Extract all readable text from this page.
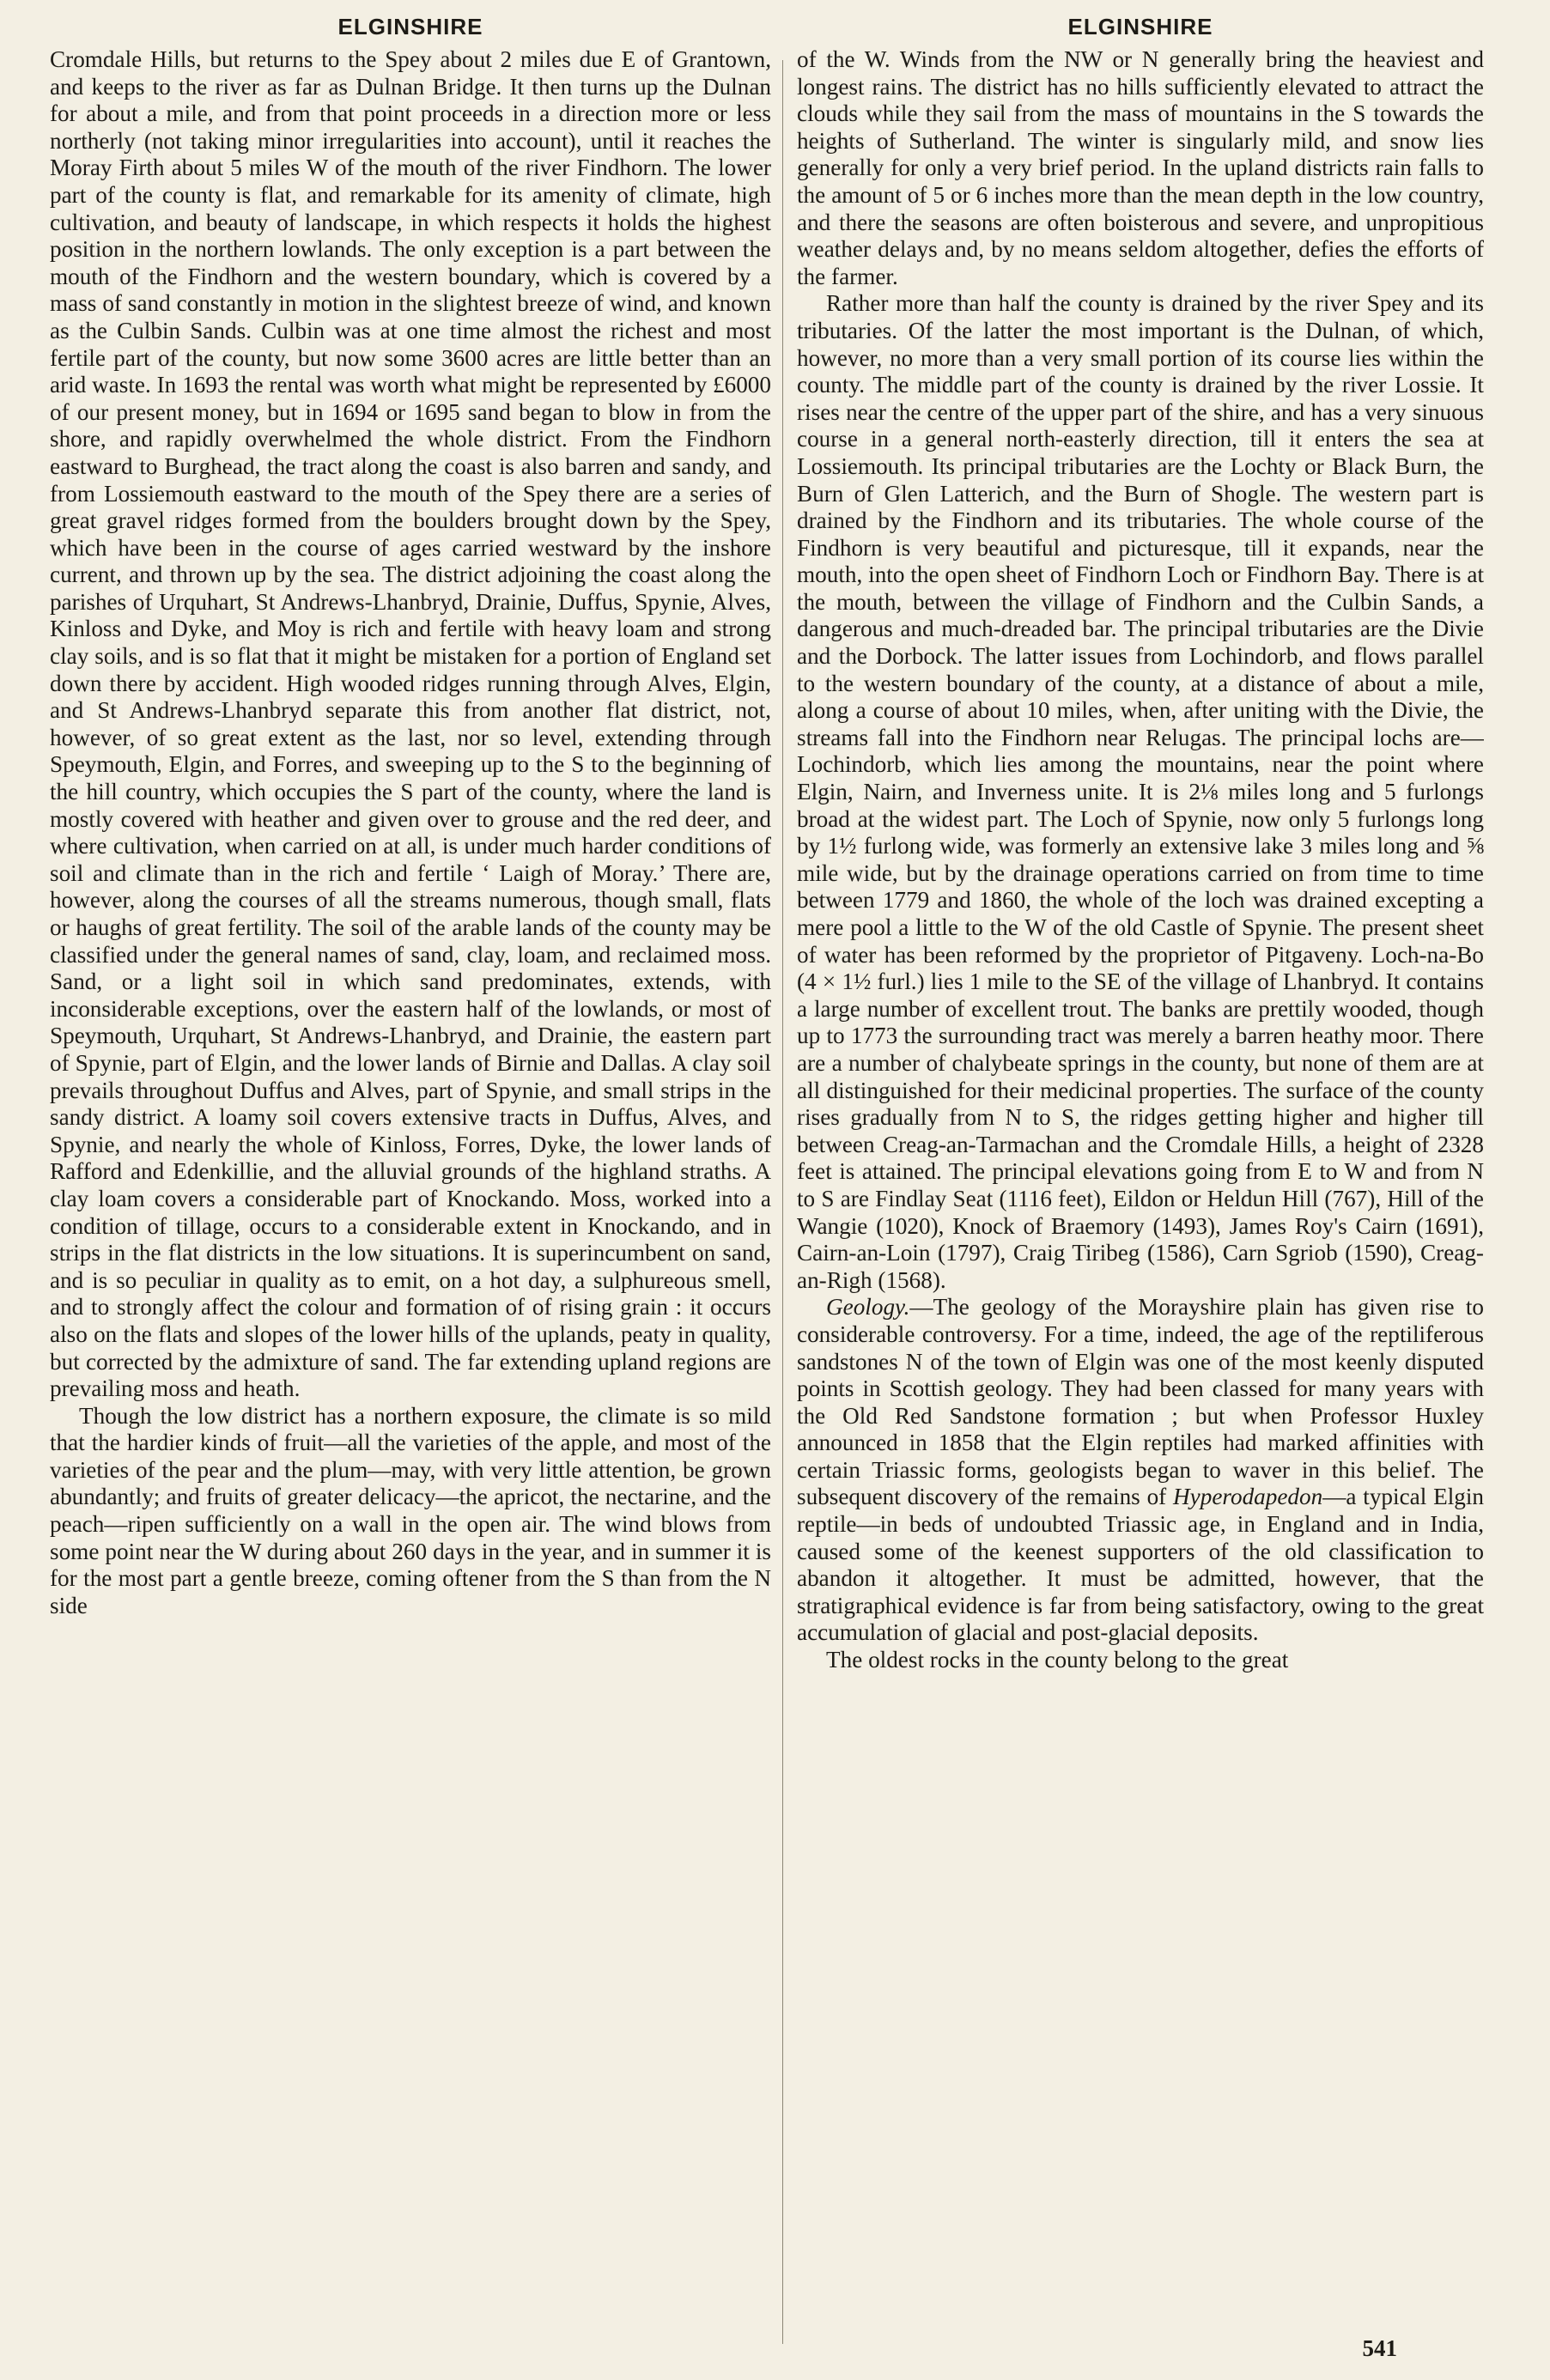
ELGINSHIRE

Cromdale Hills, but returns to the Spey about 2 miles due E of Grantown, and keeps to the river as far as Dulnan Bridge. It then turns up the Dulnan for about a mile, and from that point proceeds in a direction more or less northerly (not taking minor irregularities into account), until it reaches the Moray Firth about 5 miles W of the mouth of the river Findhorn. The lower part of the county is flat, and remarkable for its amenity of climate, high cultivation, and beauty of landscape, in which respects it holds the highest position in the northern lowlands. The only exception is a part between the mouth of the Findhorn and the western boundary, which is covered by a mass of sand constantly in motion in the slightest breeze of wind, and known as the Culbin Sands. Culbin was at one time almost the richest and most fertile part of the county, but now some 3600 acres are little better than an arid waste. In 1693 the rental was worth what might be represented by £6000 of our present money, but in 1694 or 1695 sand began to blow in from the shore, and rapidly overwhelmed the whole district. From the Findhorn eastward to Burghead, the tract along the coast is also barren and sandy, and from Lossiemouth eastward to the mouth of the Spey there are a series of great gravel ridges formed from the boulders brought down by the Spey, which have been in the course of ages carried westward by the inshore current, and thrown up by the sea. The district adjoining the coast along the parishes of Urquhart, St Andrews-Lhanbryd, Drainie, Duffus, Spynie, Alves, Kinloss and Dyke, and Moy is rich and fertile with heavy loam and strong clay soils, and is so flat that it might be mistaken for a portion of England set down there by accident. High wooded ridges running through Alves, Elgin, and St Andrews-Lhanbryd separate this from another flat district, not, however, of so great extent as the last, nor so level, extending through Speymouth, Elgin, and Forres, and sweeping up to the S to the beginning of the hill country, which occupies the S part of the county, where the land is mostly covered with heather and given over to grouse and the red deer, and where cultivation, when carried on at all, is under much harder conditions of soil and climate than in the rich and fertile ‘ Laigh of Moray.’ There are, however, along the courses of all the streams numerous, though small, flats or haughs of great fertility. The soil of the arable lands of the county may be classified under the general names of sand, clay, loam, and reclaimed moss. Sand, or a light soil in which sand predominates, extends, with inconsiderable exceptions, over the eastern half of the lowlands, or most of Speymouth, Urquhart, St Andrews-Lhanbryd, and Drainie, the eastern part of Spynie, part of Elgin, and the lower lands of Birnie and Dallas. A clay soil prevails throughout Duffus and Alves, part of Spynie, and small strips in the sandy district. A loamy soil covers extensive tracts in Duffus, Alves, and Spynie, and nearly the whole of Kinloss, Forres, Dyke, the lower lands of Rafford and Edenkillie, and the alluvial grounds of the highland straths. A clay loam covers a considerable part of Knockando. Moss, worked into a condition of tillage, occurs to a considerable extent in Knockando, and in strips in the flat districts in the low situations. It is superincumbent on sand, and is so peculiar in quality as to emit, on a hot day, a sulphureous smell, and to strongly affect the colour and formation of of rising grain : it occurs also on the flats and slopes of the lower hills of the uplands, peaty in quality, but corrected by the admixture of sand. The far extending upland regions are prevailing moss and heath.

Though the low district has a northern exposure, the climate is so mild that the hardier kinds of fruit—all the varieties of the apple, and most of the varieties of the pear and the plum—may, with very little attention, be grown abundantly; and fruits of greater delicacy—the apricot, the nectarine, and the peach—ripen sufficiently on a wall in the open air. The wind blows from some point near the W during about 260 days in the year, and in summer it is for the most part a gentle breeze, coming oftener from the S than from the N side

ELGINSHIRE

of the W. Winds from the NW or N generally bring the heaviest and longest rains. The district has no hills sufficiently elevated to attract the clouds while they sail from the mass of mountains in the S towards the heights of Sutherland. The winter is singularly mild, and snow lies generally for only a very brief period. In the upland districts rain falls to the amount of 5 or 6 inches more than the mean depth in the low country, and there the seasons are often boisterous and severe, and unpropitious weather delays and, by no means seldom altogether, defies the efforts of the farmer.

Rather more than half the county is drained by the river Spey and its tributaries. Of the latter the most important is the Dulnan, of which, however, no more than a very small portion of its course lies within the county. The middle part of the county is drained by the river Lossie. It rises near the centre of the upper part of the shire, and has a very sinuous course in a general north-easterly direction, till it enters the sea at Lossiemouth. Its principal tributaries are the Lochty or Black Burn, the Burn of Glen Latterich, and the Burn of Shogle. The western part is drained by the Findhorn and its tributaries. The whole course of the Findhorn is very beautiful and picturesque, till it expands, near the mouth, into the open sheet of Findhorn Loch or Findhorn Bay. There is at the mouth, between the village of Findhorn and the Culbin Sands, a dangerous and much-dreaded bar. The principal tributaries are the Divie and the Dorbock. The latter issues from Lochindorb, and flows parallel to the western boundary of the county, at a distance of about a mile, along a course of about 10 miles, when, after uniting with the Divie, the streams fall into the Findhorn near Relugas. The principal lochs are—Lochindorb, which lies among the mountains, near the point where Elgin, Nairn, and Inverness unite. It is 2⅛ miles long and 5 furlongs broad at the widest part. The Loch of Spynie, now only 5 furlongs long by 1½ furlong wide, was formerly an extensive lake 3 miles long and ⅝ mile wide, but by the drainage operations carried on from time to time between 1779 and 1860, the whole of the loch was drained excepting a mere pool a little to the W of the old Castle of Spynie. The present sheet of water has been reformed by the proprietor of Pitgaveny. Loch-na-Bo (4 × 1½ furl.) lies 1 mile to the SE of the village of Lhanbryd. It contains a large number of excellent trout. The banks are prettily wooded, though up to 1773 the surrounding tract was merely a barren heathy moor. There are a number of chalybeate springs in the county, but none of them are at all distinguished for their medicinal properties. The surface of the county rises gradually from N to S, the ridges getting higher and higher till between Creag-an-Tarmachan and the Cromdale Hills, a height of 2328 feet is attained. The principal elevations going from E to W and from N to S are Findlay Seat (1116 feet), Eildon or Heldun Hill (767), Hill of the Wangie (1020), Knock of Braemory (1493), James Roy's Cairn (1691), Cairn-an-Loin (1797), Craig Tiribeg (1586), Carn Sgriob (1590), Creag-an-Righ (1568).

Geology.—The geology of the Morayshire plain has given rise to considerable controversy. For a time, indeed, the age of the reptiliferous sandstones N of the town of Elgin was one of the most keenly disputed points in Scottish geology. They had been classed for many years with the Old Red Sandstone formation ; but when Professor Huxley announced in 1858 that the Elgin reptiles had marked affinities with certain Triassic forms, geologists began to waver in this belief. The subsequent discovery of the remains of Hyperodapedon—a typical Elgin reptile—in beds of undoubted Triassic age, in England and in India, caused some of the keenest supporters of the old classification to abandon it altogether. It must be admitted, however, that the stratigraphical evidence is far from being satisfactory, owing to the great accumulation of glacial and post-glacial deposits.

The oldest rocks in the county belong to the great

541
